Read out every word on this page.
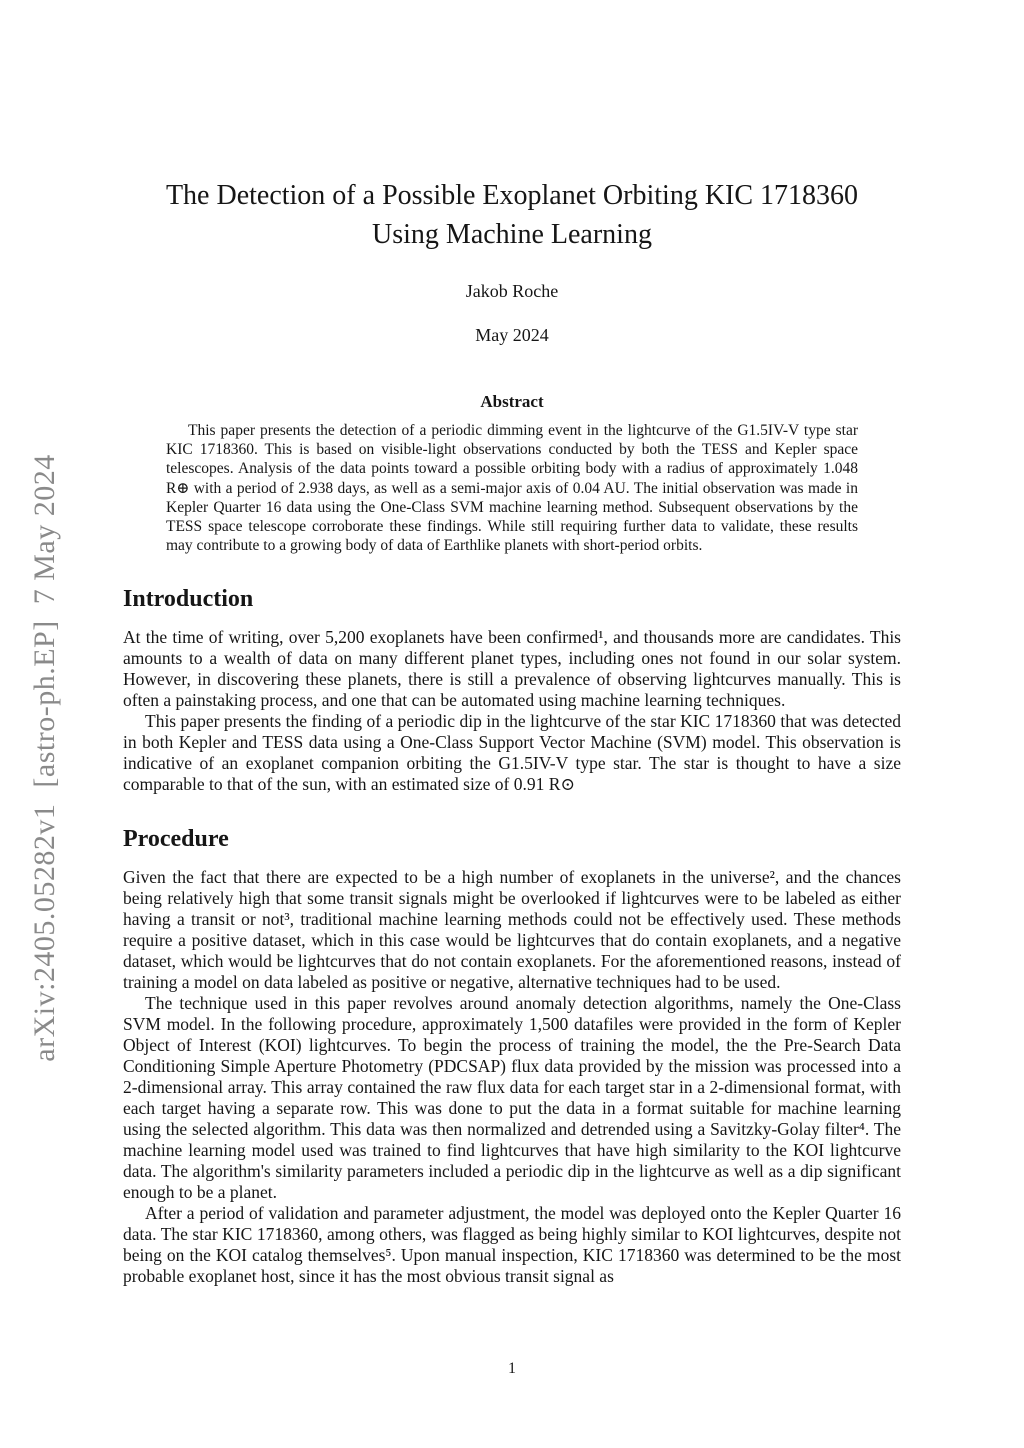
arXiv:2405.05282v1  [astro-ph.EP]  7 May 2024
The Detection of a Possible Exoplanet Orbiting KIC 1718360
Using Machine Learning
Jakob Roche
May 2024
Abstract
This paper presents the detection of a periodic dimming event in the lightcurve of the G1.5IV-V type star KIC 1718360. This is based on visible-light observations conducted by both the TESS and Kepler space telescopes. Analysis of the data points toward a possible orbiting body with a radius of approximately 1.048 R⊕ with a period of 2.938 days, as well as a semi-major axis of 0.04 AU. The initial observation was made in Kepler Quarter 16 data using the One-Class SVM machine learning method. Subsequent observations by the TESS space telescope corroborate these findings. While still requiring further data to validate, these results may contribute to a growing body of data of Earthlike planets with short-period orbits.
Introduction

At the time of writing, over 5,200 exoplanets have been confirmed¹, and thousands more are candidates. This amounts to a wealth of data on many different planet types, including ones not found in our solar system. However, in discovering these planets, there is still a prevalence of observing lightcurves manually. This is often a painstaking process, and one that can be automated using machine learning techniques.

This paper presents the finding of a periodic dip in the lightcurve of the star KIC 1718360 that was detected in both Kepler and TESS data using a One-Class Support Vector Machine (SVM) model. This observation is indicative of an exoplanet companion orbiting the G1.5IV-V type star. The star is thought to have a size comparable to that of the sun, with an estimated size of 0.91 R⊙

Procedure

Given the fact that there are expected to be a high number of exoplanets in the universe², and the chances being relatively high that some transit signals might be overlooked if lightcurves were to be labeled as either having a transit or not³, traditional machine learning methods could not be effectively used. These methods require a positive dataset, which in this case would be lightcurves that do contain exoplanets, and a negative dataset, which would be lightcurves that do not contain exoplanets. For the aforementioned reasons, instead of training a model on data labeled as positive or negative, alternative techniques had to be used.

The technique used in this paper revolves around anomaly detection algorithms, namely the One-Class SVM model. In the following procedure, approximately 1,500 datafiles were provided in the form of Kepler Object of Interest (KOI) lightcurves. To begin the process of training the model, the the Pre-Search Data Conditioning Simple Aperture Photometry (PDCSAP) flux data provided by the mission was processed into a 2-dimensional array. This array contained the raw flux data for each target star in a 2-dimensional format, with each target having a separate row. This was done to put the data in a format suitable for machine learning using the selected algorithm. This data was then normalized and detrended using a Savitzky-Golay filter⁴. The machine learning model used was trained to find lightcurves that have high similarity to the KOI lightcurve data. The algorithm's similarity parameters included a periodic dip in the lightcurve as well as a dip significant enough to be a planet.

After a period of validation and parameter adjustment, the model was deployed onto the Kepler Quarter 16 data. The star KIC 1718360, among others, was flagged as being highly similar to KOI lightcurves, despite not being on the KOI catalog themselves⁵. Upon manual inspection, KIC 1718360 was determined to be the most probable exoplanet host, since it has the most obvious transit signal as

1
